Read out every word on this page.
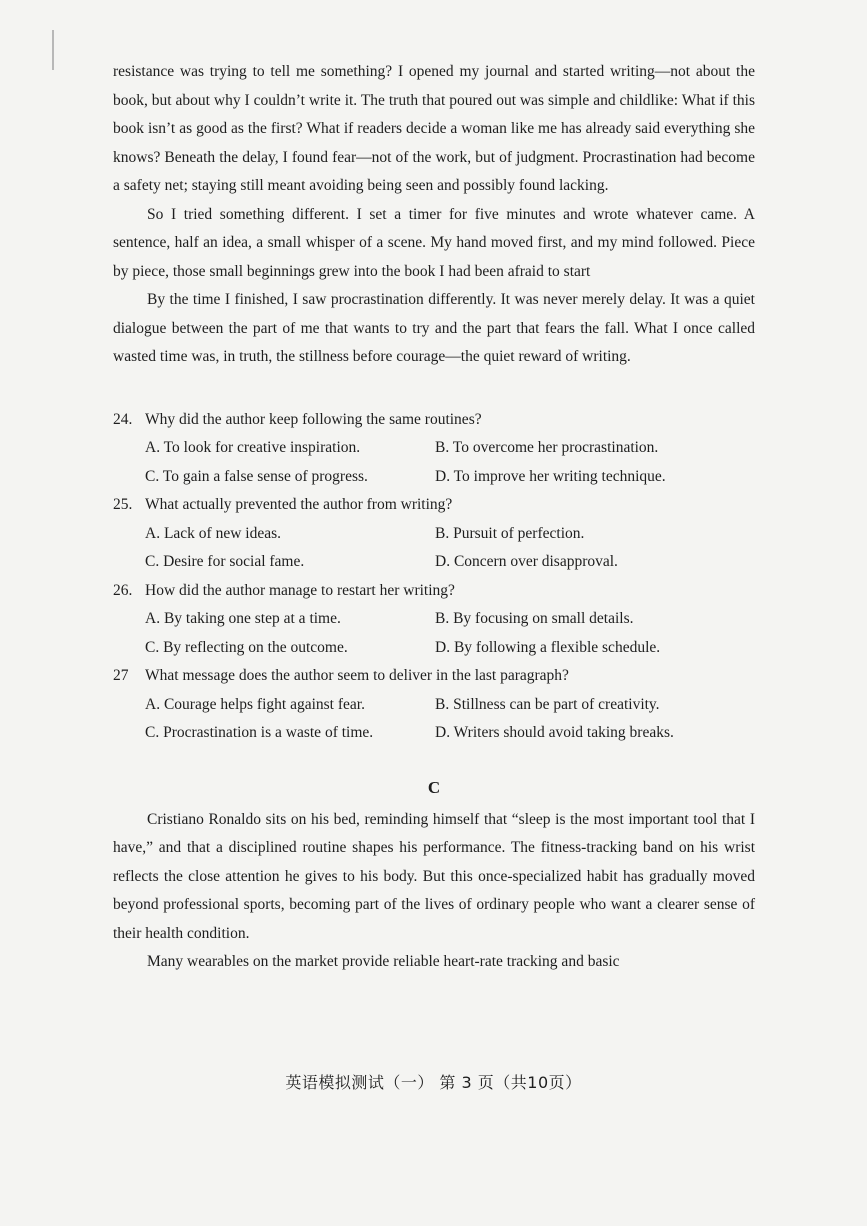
resistance was trying to tell me something? I opened my journal and started writing—not about the book, but about why I couldn’t write it. The truth that poured out was simple and childlike: What if this book isn’t as good as the first? What if readers decide a woman like me has already said everything she knows? Beneath the delay, I found fear—not of the work, but of judgment. Procrastination had become a safety net; staying still meant avoiding being seen and possibly found lacking.

So I tried something different. I set a timer for five minutes and wrote whatever came. A sentence, half an idea, a small whisper of a scene. My hand moved first, and my mind followed. Piece by piece, those small beginnings grew into the book I had been afraid to start

By the time I finished, I saw procrastination differently. It was never merely delay. It was a quiet dialogue between the part of me that wants to try and the part that fears the fall. What I once called wasted time was, in truth, the stillness before courage—the quiet reward of writing.

24. Why did the author keep following the same routines?
A. To look for creative inspiration.	B. To overcome her procrastination.
C. To gain a false sense of progress.	D. To improve her writing technique.
25. What actually prevented the author from writing?
A. Lack of new ideas.	B. Pursuit of perfection.
C. Desire for social fame.	D. Concern over disapproval.
26. How did the author manage to restart her writing?
A. By taking one step at a time.	B. By focusing on small details.
C. By reflecting on the outcome.	D. By following a flexible schedule.
27	What message does the author seem to deliver in the last paragraph?
A. Courage helps fight against fear.	B. Stillness can be part of creativity.
C. Procrastination is a waste of time.	D. Writers should avoid taking breaks.
C

Cristiano Ronaldo sits on his bed, reminding himself that “sleep is the most important tool that I have,” and that a disciplined routine shapes his performance. The fitness-tracking band on his wrist reflects the close attention he gives to his body. But this once-specialized habit has gradually moved beyond professional sports, becoming part of the lives of ordinary people who want a clearer sense of their health condition.

Many wearables on the market provide reliable heart-rate tracking and basic

英语模拟测试（一） 第 3 页（共10页）
